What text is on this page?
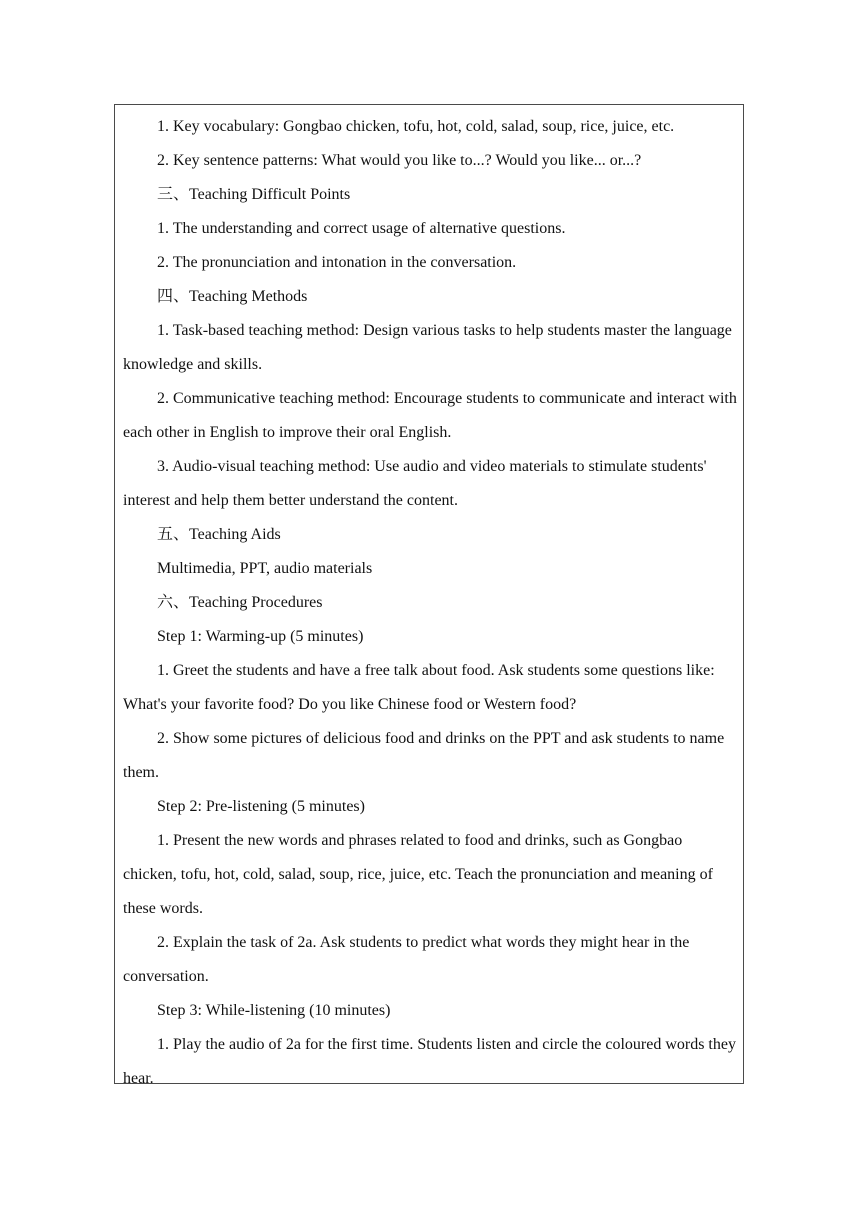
1. Key vocabulary: Gongbao chicken, tofu, hot, cold, salad, soup, rice, juice, etc.

2. Key sentence patterns: What would you like to...? Would you like... or...?

三、Teaching Difficult Points

1. The understanding and correct usage of alternative questions.

2. The pronunciation and intonation in the conversation.

四、Teaching Methods

1. Task-based teaching method: Design various tasks to help students master the language knowledge and skills.

2. Communicative teaching method: Encourage students to communicate and interact with each other in English to improve their oral English.

3. Audio-visual teaching method: Use audio and video materials to stimulate students' interest and help them better understand the content.

五、Teaching Aids

Multimedia, PPT, audio materials

六、Teaching Procedures

Step 1: Warming-up (5 minutes)

1. Greet the students and have a free talk about food. Ask students some questions like: What's your favorite food? Do you like Chinese food or Western food?

2. Show some pictures of delicious food and drinks on the PPT and ask students to name them.

Step 2: Pre-listening (5 minutes)

1. Present the new words and phrases related to food and drinks, such as Gongbao chicken, tofu, hot, cold, salad, soup, rice, juice, etc. Teach the pronunciation and meaning of these words.

2. Explain the task of 2a. Ask students to predict what words they might hear in the conversation.

Step 3: While-listening (10 minutes)

1. Play the audio of 2a for the first time. Students listen and circle the coloured words they hear.
